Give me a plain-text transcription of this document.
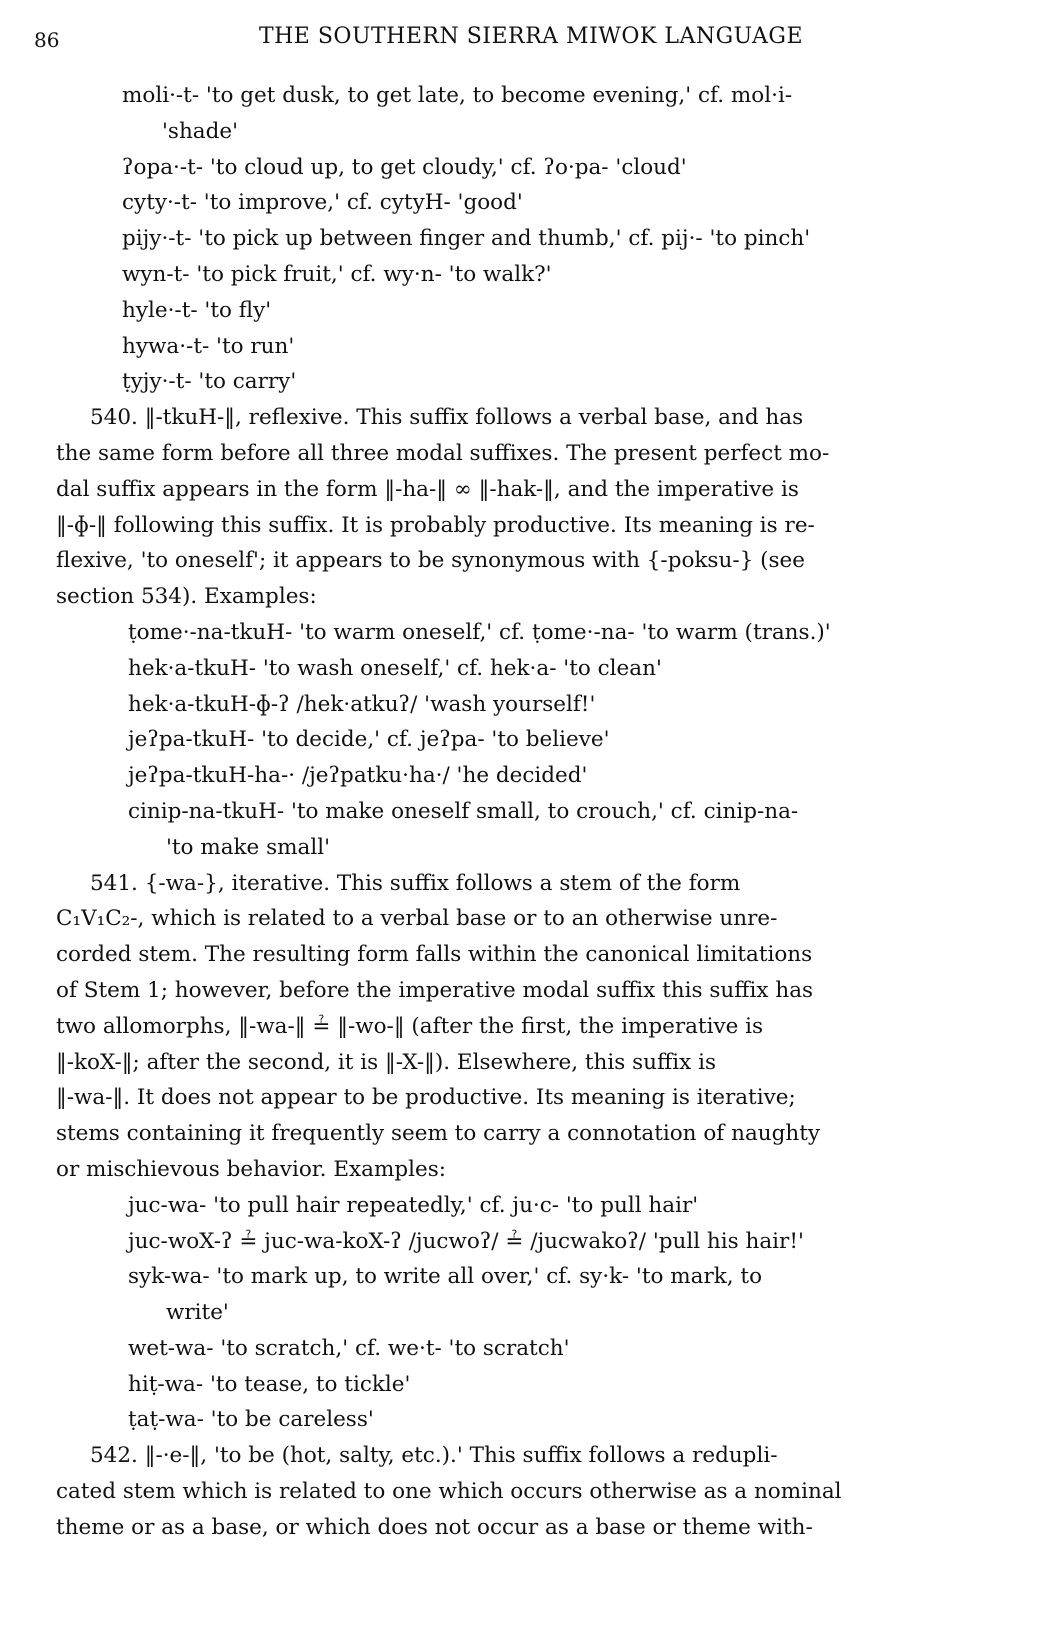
86	THE SOUTHERN SIERRA MIWOK LANGUAGE
moli·-t- 'to get dusk, to get late, to become evening,' cf. mol·i-
'shade'
ʔopa·-t- 'to cloud up, to get cloudy,' cf. ʔo·pa- 'cloud'
cyty·-t- 'to improve,' cf. cytyH- 'good'
pijy·-t- 'to pick up between finger and thumb,' cf. pij·- 'to pinch'
wyn-t- 'to pick fruit,' cf. wy·n- 'to walk?'
hyle·-t- 'to fly'
hywa·-t- 'to run'
ṭyjy·-t- 'to carry'
540. ‖-tkuH-‖, reflexive. This suffix follows a verbal base, and has
the same form before all three modal suffixes. The present perfect mo-
dal suffix appears in the form ‖-ha-‖ ∞ ‖-hak-‖, and the imperative is
‖-ɸ-‖ following this suffix. It is probably productive. Its meaning is re-
flexive, 'to oneself'; it appears to be synonymous with {-poksu-} (see
section 534). Examples:
ṭome·-na-tkuH- 'to warm oneself,' cf. ṭome·-na- 'to warm (trans.)'
hek·a-tkuH- 'to wash oneself,' cf. hek·a- 'to clean'
hek·a-tkuH-ɸ-ʔ /hek·atkuʔ/ 'wash yourself!'
jeʔpa-tkuH- 'to decide,' cf. jeʔpa- 'to believe'
jeʔpa-tkuH-ha-· /jeʔpatku·ha·/ 'he decided'
cinip-na-tkuH- 'to make oneself small, to crouch,' cf. cinip-na-
'to make small'
541. {-wa-}, iterative. This suffix follows a stem of the form
C₁V₁C₂-, which is related to a verbal base or to an otherwise unre-
corded stem. The resulting form falls within the canonical limitations
of Stem 1; however, before the imperative modal suffix this suffix has
two allomorphs, ‖-wa-‖ ≟ ‖-wo-‖ (after the first, the imperative is
‖-koX-‖; after the second, it is ‖-X-‖). Elsewhere, this suffix is
‖-wa-‖. It does not appear to be productive. Its meaning is iterative;
stems containing it frequently seem to carry a connotation of naughty
or mischievous behavior. Examples:
juc-wa- 'to pull hair repeatedly,' cf. ju·c- 'to pull hair'
juc-woX-ʔ ≟ juc-wa-koX-ʔ /jucwoʔ/ ≟ /jucwakoʔ/ 'pull his hair!'
syk-wa- 'to mark up, to write all over,' cf. sy·k- 'to mark, to
write'
wet-wa- 'to scratch,' cf. we·t- 'to scratch'
hiṭ-wa- 'to tease, to tickle'
ṭaṭ-wa- 'to be careless'
542. ‖-·e-‖, 'to be (hot, salty, etc.).' This suffix follows a redupli-
cated stem which is related to one which occurs otherwise as a nominal
theme or as a base, or which does not occur as a base or theme with-
